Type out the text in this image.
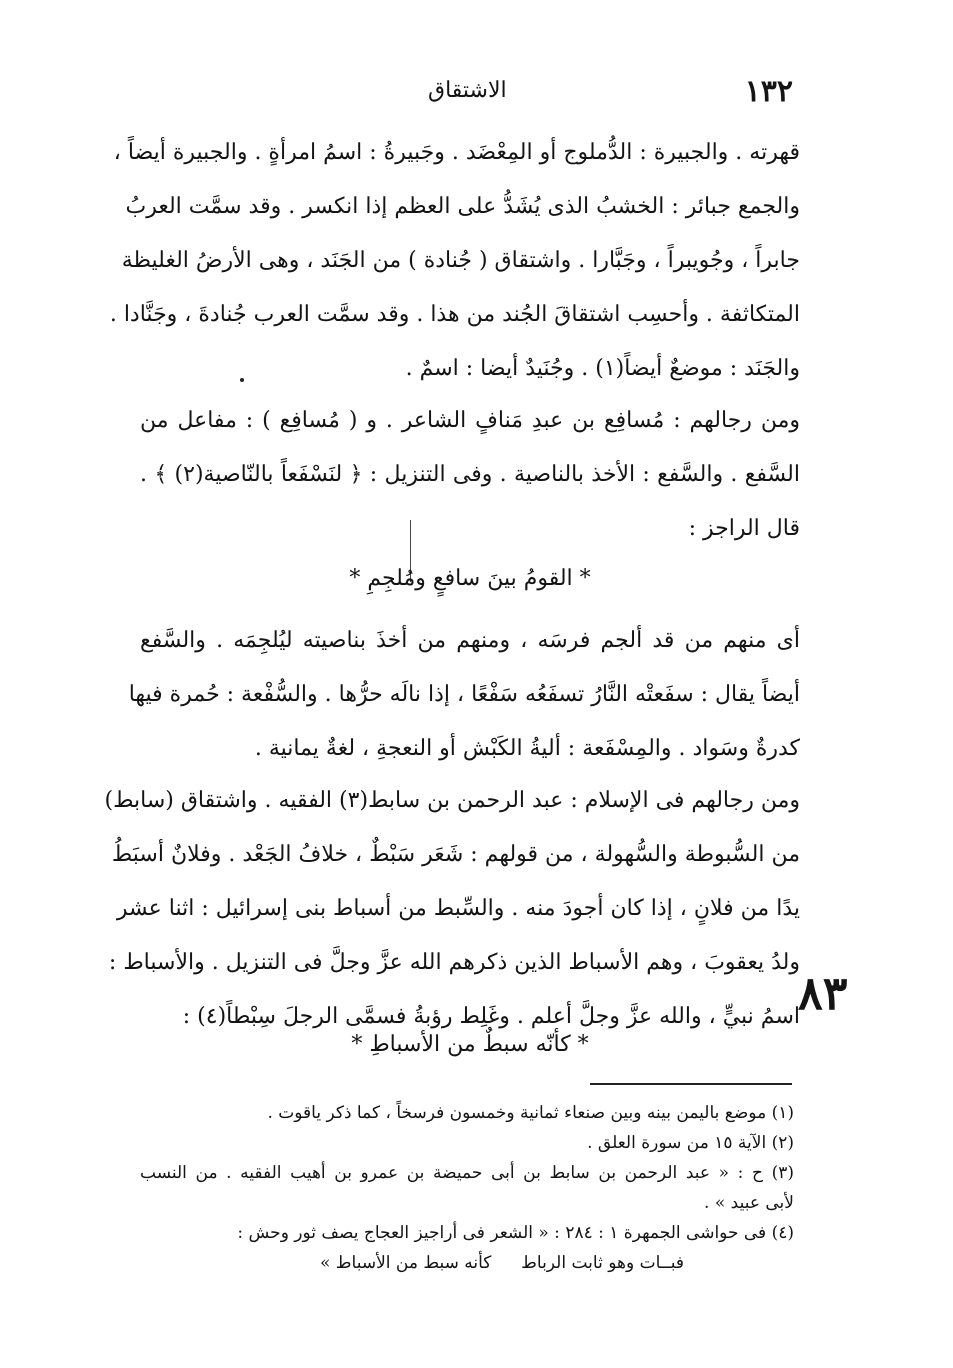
١٣٢
الاشتقاق
قهرته . والجبيرة : الدُّملوج أو المِعْضَد . وجَبيرةُ : اسمُ امرأةٍ . والجبيرة أيضاً ،
والجمع جبائر : الخشبُ الذى يُشَدُّ على العظم إذا انكسر . وقد سمَّت العربُ
جابراً ، وجُويبراً ، وجَبَّارا . واشتقاق ( جُنادة ) من الجَنَد ، وهى الأرضُ الغليظة
المتكاثفة . وأحسِب اشتقاقَ الجُند من هذا . وقد سمَّت العرب جُنادةَ ، وجَنَّادا .
والجَنَد : موضعٌ أيضاً(١) . وجُنَيدٌ أيضا : اسمٌ .
ومن رجالهم : مُسافِع بن عبدِ مَنافٍ الشاعر . و ( مُسافِع ) : مفاعل من
السَّفع . والسَّفع : الأخذ بالناصية . وفى التنزيل : ﴿ لنَسْفَعاً بالنّاصية(٢) ﴾ .
قال الراجز :
* القومُ بينَ سافعٍ ومُلجِمِ *
أى منهم من قد ألجم فرسَه ، ومنهم من أخذَ بناصيته ليُلجِمَه . والسَّفع
أيضاً يقال : سفَعتْه النَّارُ تسفَعُه سَفْعًا ، إذا نالَه حرُّها . والسُّفْعة : حُمرة فيها
كدرةٌ وسَواد . والمِسْفَعة : أليةُ الكَبْش أو النعجةِ ، لغةٌ يمانية .
ومن رجالهم فى الإسلام : عبد الرحمن بن سابط(٣) الفقيه . واشتقاق (سابط)
من السُّبوطة والسُّهولة ، من قولهم : شَعَر سَبْطٌ ، خلافُ الجَعْد . وفلانٌ أسبَطُ
يدًا من فلانٍ ، إذا كان أجودَ منه . والسِّبط من أسباط بنى إسرائيل : اثنا عشر
ولدُ يعقوبَ ، وهم الأسباط الذين ذكرهم الله عزَّ وجلَّ فى التنزيل . والأسباط :
اسمُ نبيٍّ ، والله عزَّ وجلَّ أعلم . وغَلِط رؤبةُ فسمَّى الرجلَ سِبْطاً(٤) :
٨٣
* كأنّه سبطٌ من الأسباطِ *
(١) موضع باليمن بينه وبين صنعاء ثمانية وخمسون فرسخاً ، كما ذكر ياقوت .
(٢) الآية ١٥ من سورة العلق .
(٣) ح : « عبد الرحمن بن سابط بن أبى حميضة بن عمرو بن أهيب الفقيه . من النسب
لأبى عبيد » .
(٤) فى حواشى الجمهرة ١ : ٢٨٤ : « الشعر فى أراجيز العجاج يصف ثور وحش :
فبــات وهو ثابت الرباط
كأنه سبط من الأسباط »
